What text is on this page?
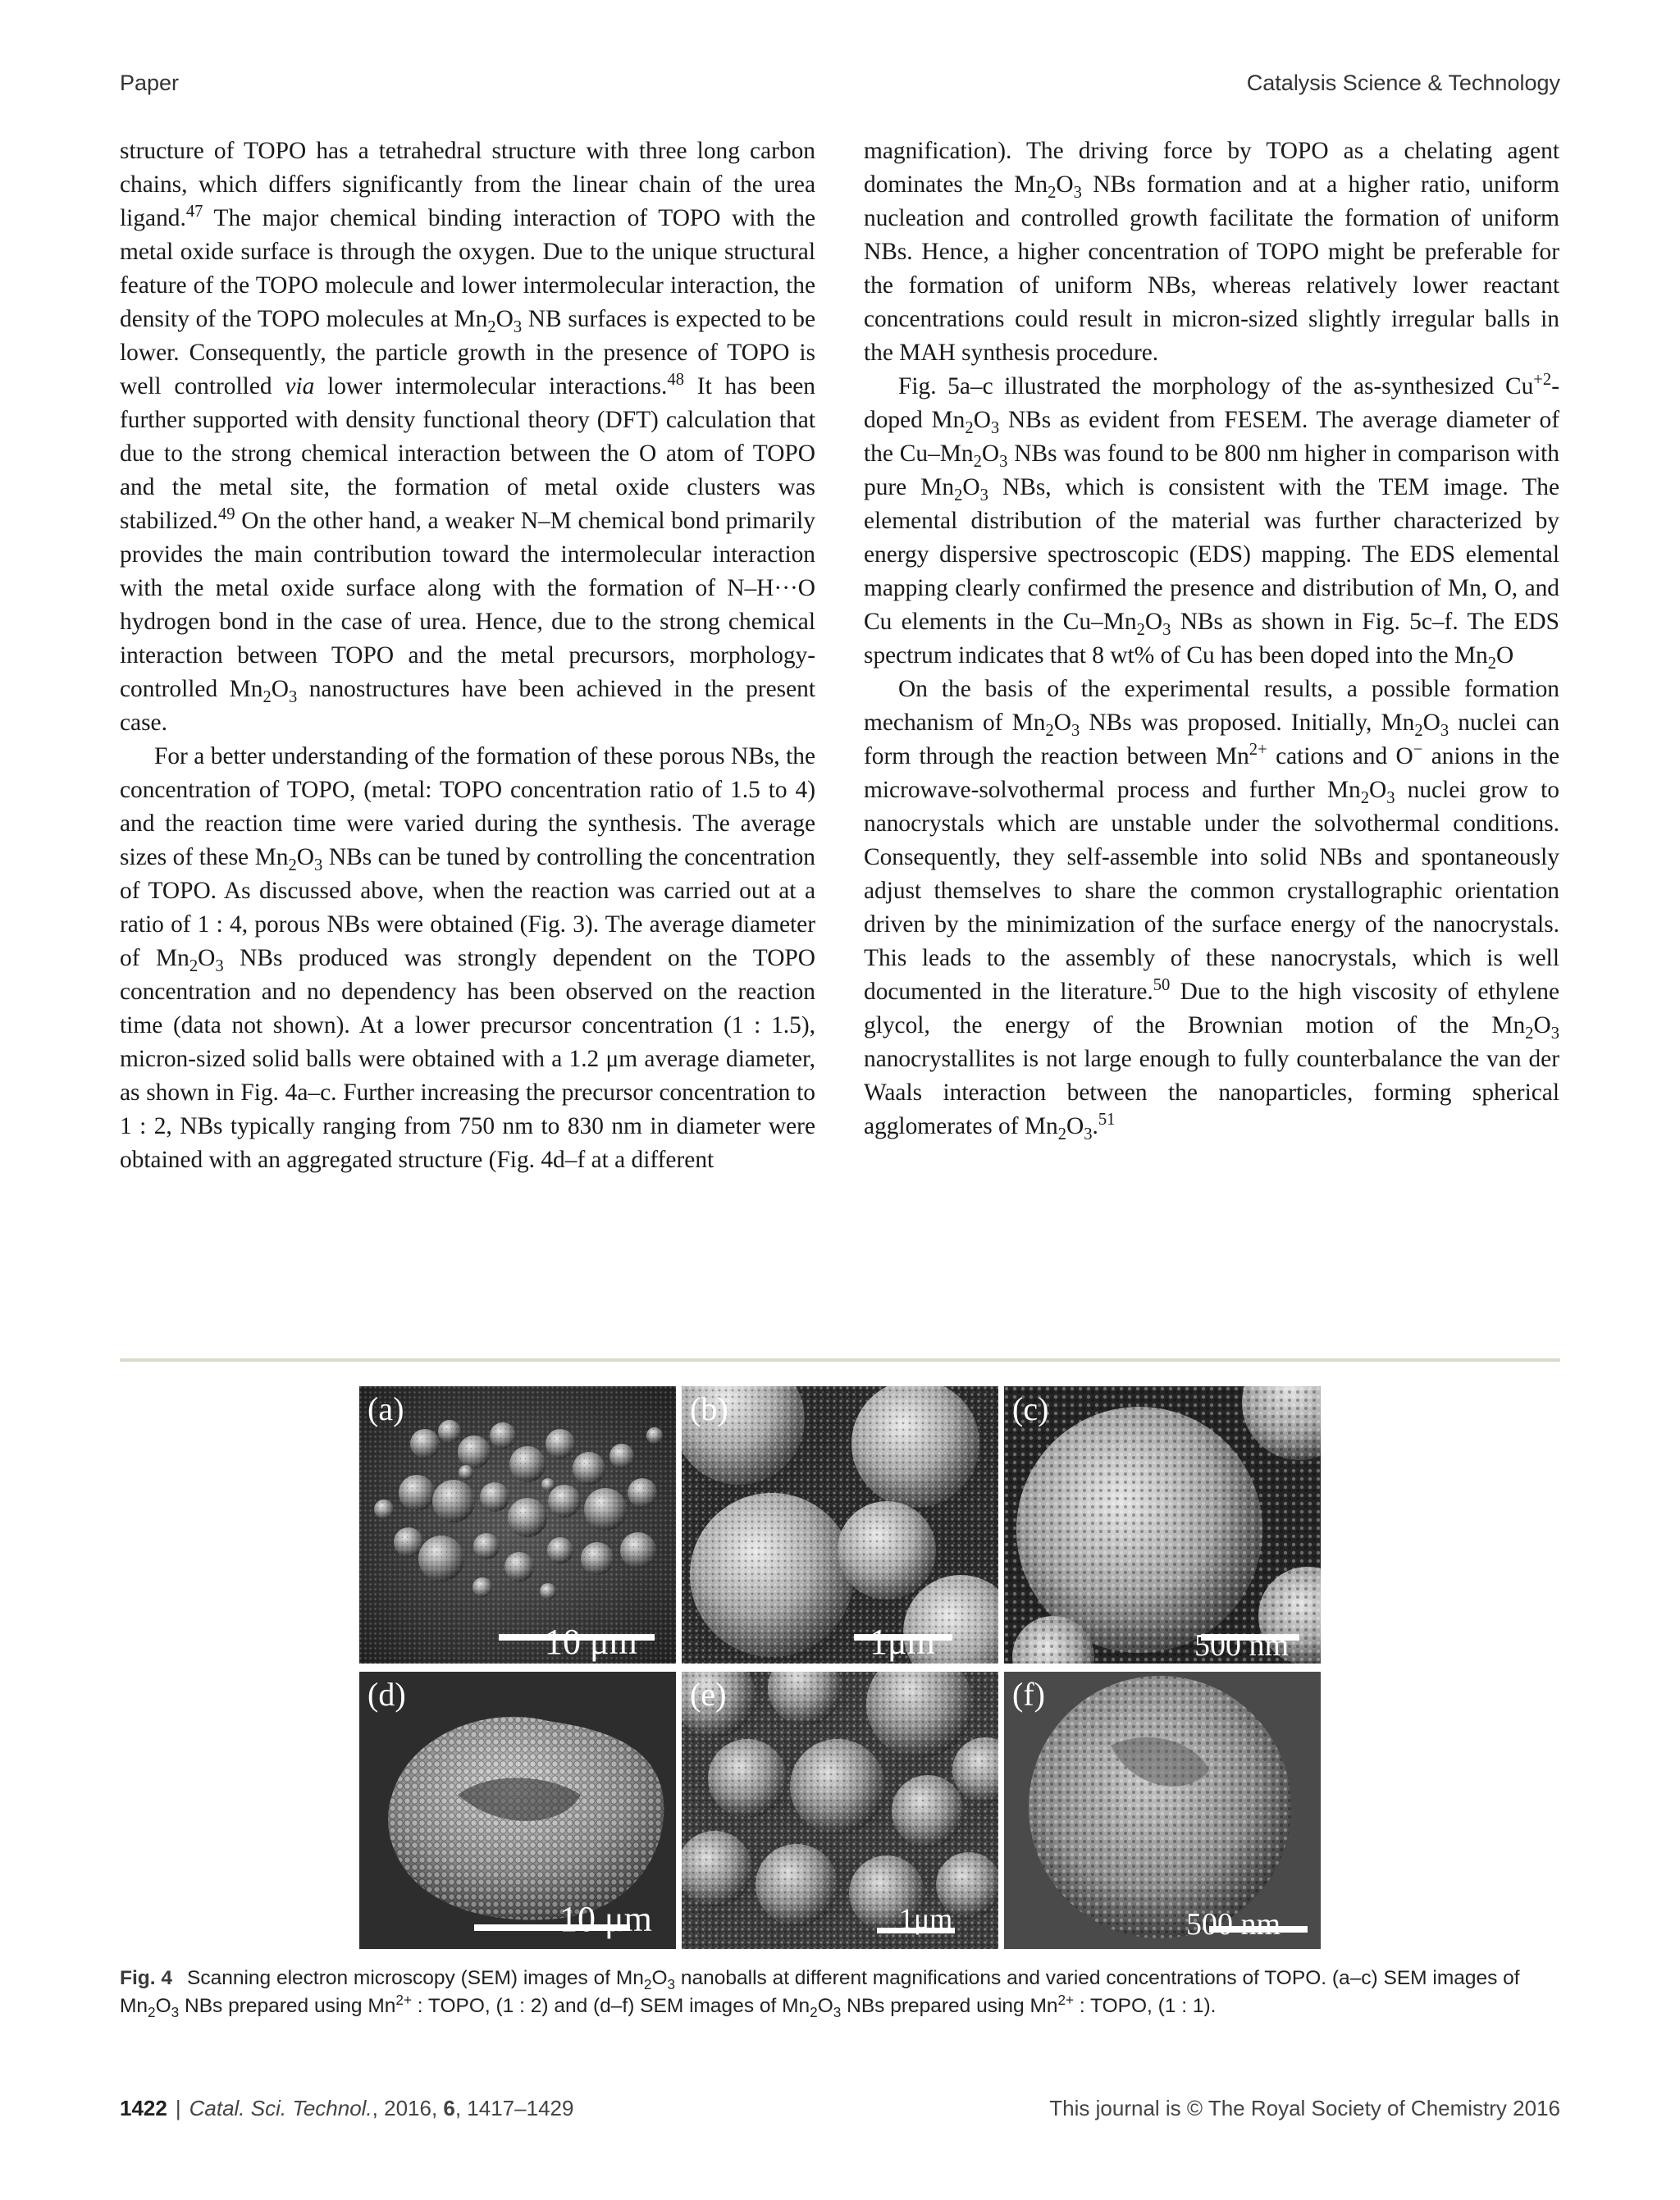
Paper	Catalysis Science & Technology

structure of TOPO has a tetrahedral structure with three long carbon chains, which differs significantly from the linear chain of the urea ligand.$^{47}$ The major chemical binding interaction of TOPO with the metal oxide surface is through the oxygen. Due to the unique structural feature of the TOPO molecule and lower intermolecular interaction, the density of the TOPO molecules at $Mn_2O_3$ NB surfaces is expected to be lower. Consequently, the particle growth in the presence of TOPO is well controlled via lower intermolecular interactions.$^{48}$ It has been further supported with density functional theory (DFT) calculation that due to the strong chemical interaction between the O atom of TOPO and the metal site, the formation of metal oxide clusters was stabilized.$^{49}$ On the other hand, a weaker N–M chemical bond primarily provides the main contribution toward the intermolecular interaction with the metal oxide surface along with the formation of N–H···O hydrogen bond in the case of urea. Hence, due to the strong chemical interaction between TOPO and the metal precursors, morphology-controlled $Mn_2O_3$ nanostructures have been achieved in the present case.

For a better understanding of the formation of these porous NBs, the concentration of TOPO, (metal: TOPO concentration ratio of 1.5 to 4) and the reaction time were varied during the synthesis. The average sizes of these $Mn_2O_3$ NBs can be tuned by controlling the concentration of TOPO. As discussed above, when the reaction was carried out at a ratio of 1 : 4, porous NBs were obtained (Fig. 3). The average diameter of $Mn_2O_3$ NBs produced was strongly dependent on the TOPO concentration and no dependency has been observed on the reaction time (data not shown). At a lower precursor concentration (1 : 1.5), micron-sized solid balls were obtained with a 1.2 μm average diameter, as shown in Fig. 4a–c. Further increasing the precursor concentration to 1 : 2, NBs typically ranging from 750 nm to 830 nm in diameter were obtained with an aggregated structure (Fig. 4d–f at a different

magnification). The driving force by TOPO as a chelating agent dominates the $Mn_2O_3$ NBs formation and at a higher ratio, uniform nucleation and controlled growth facilitate the formation of uniform NBs. Hence, a higher concentration of TOPO might be preferable for the formation of uniform NBs, whereas relatively lower reactant concentrations could result in micron-sized slightly irregular balls in the MAH synthesis procedure.

Fig. 5a–c illustrated the morphology of the as-synthesized $Cu^{+2}$-doped $Mn_2O_3$ NBs as evident from FESEM. The average diameter of the $Cu-Mn_2O_3$ NBs was found to be 800 nm higher in comparison with pure $Mn_2O_3$ NBs, which is consistent with the TEM image. The elemental distribution of the material was further characterized by energy dispersive spectroscopic (EDS) mapping. The EDS elemental mapping clearly confirmed the presence and distribution of Mn, O, and Cu elements in the $Cu-Mn_2O_3$ NBs as shown in Fig. 5c–f. The EDS spectrum indicates that 8 wt% of Cu has been doped into the $Mn_2O$

On the basis of the experimental results, a possible formation mechanism of $Mn_2O_3$ NBs was proposed. Initially, $Mn_2O_3$ nuclei can form through the reaction between $Mn^{2+}$ cations and O− anions in the microwave-solvothermal process and further $Mn_2O_3$ nuclei grow to nanocrystals which are unstable under the solvothermal conditions. Consequently, they self-assemble into solid NBs and spontaneously adjust themselves to share the common crystallographic orientation driven by the minimization of the surface energy of the nanocrystals. This leads to the assembly of these nanocrystals, which is well documented in the literature.$^{50}$ Due to the high viscosity of ethylene glycol, the energy of the Brownian motion of the $Mn_2O_3$ nanocrystallites is not large enough to fully counterbalance the van der Waals interaction between the nanoparticles, forming spherical agglomerates of $Mn_2O_3.^{51}$

(a)	(b)	(c)
(d)	(e)	(f)
10 μm	1μm	500 nm
10 μm	1μm	500 nm
Fig. 4 Scanning electron microscopy (SEM) images of $Mn_2O_3$ nanoballs at different magnifications and varied concentrations of TOPO. (a–c) SEM images of $Mn_2O_3$ NBs prepared using $Mn^{2+}$ : TOPO, (1 : 2) and (d–f) SEM images of $Mn_2O_3$ NBs prepared using $Mn^{2+}$ : TOPO, (1 : 1).
1422 | Catal. Sci. Technol., 2016, 6, 1417–1429	This journal is © The Royal Society of Chemistry 2016
